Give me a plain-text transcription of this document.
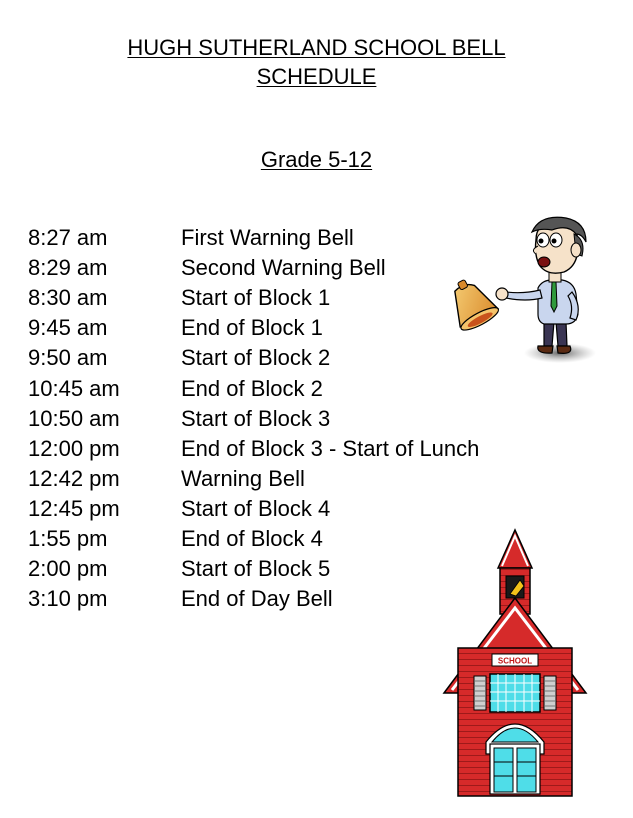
HUGH SUTHERLAND SCHOOL BELL
SCHEDULE
Grade 5-12
8:27 am	First Warning Bell
8:29 am	Second Warning Bell
8:30 am	Start of Block 1
9:45 am	End of Block 1
9:50 am	Start of Block 2
10:45 am	End of Block 2
10:50 am	Start of Block 3
12:00 pm	End of Block 3 - Start of Lunch
12:42 pm	Warning Bell
12:45 pm	Start of Block 4
1:55 pm	End of Block 4
2:00 pm	Start of Block 5
3:10 pm	End of Day Bell
SCHOOL
